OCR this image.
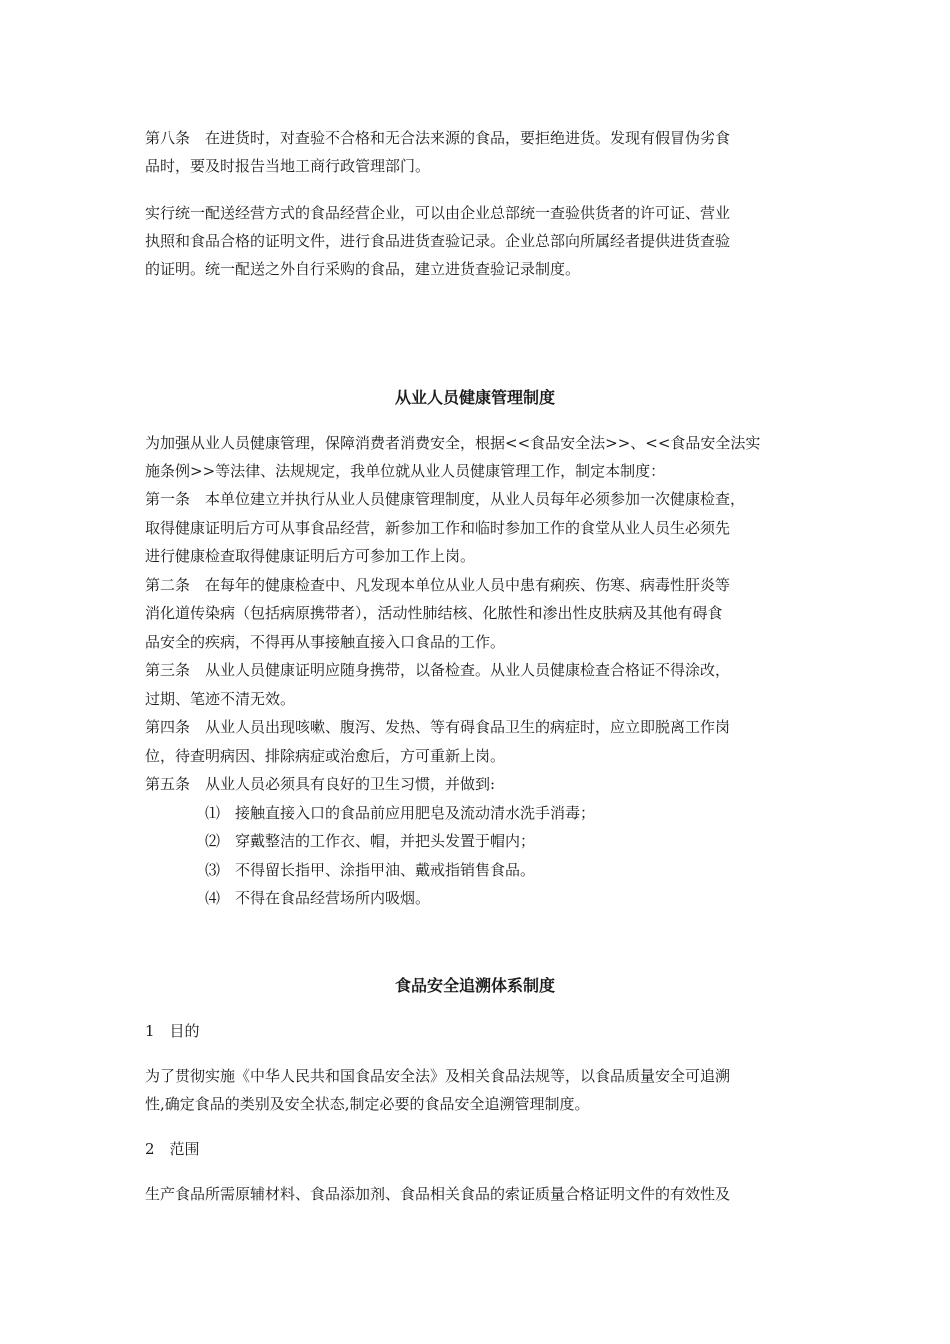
第八条　在进货时，对查验不合格和无合法来源的食品，要拒绝进货。发现有假冒伪劣食
品时，要及时报告当地工商行政管理部门。
实行统一配送经营方式的食品经营企业，可以由企业总部统一查验供货者的许可证、营业
执照和食品合格的证明文件，进行食品进货查验记录。企业总部向所属经者提供进货查验
的证明。统一配送之外自行采购的食品，建立进货查验记录制度。
从业人员健康管理制度
为加强从业人员健康管理，保障消费者消费安全，根据<<食品安全法>>、<<食品安全法实
施条例>>等法律、法规规定，我单位就从业人员健康管理工作，制定本制度：
第一条　本单位建立并执行从业人员健康管理制度，从业人员每年必须参加一次健康检查，
取得健康证明后方可从事食品经营，新参加工作和临时参加工作的食堂从业人员生必须先
进行健康检查取得健康证明后方可参加工作上岗。
第二条　在每年的健康检查中、凡发现本单位从业人员中患有痢疾、伤寒、病毒性肝炎等
消化道传染病（包括病原携带者），活动性肺结核、化脓性和渗出性皮肤病及其他有碍食
品安全的疾病，不得再从事接触直接入口食品的工作。
第三条　从业人员健康证明应随身携带，以备检查。从业人员健康检查合格证不得涂改，
过期、笔迹不清无效。
第四条　从业人员出现咳嗽、腹泻、发热、等有碍食品卫生的病症时，应立即脱离工作岗
位，待查明病因、排除病症或治愈后，方可重新上岗。
第五条　从业人员必须具有良好的卫生习惯，并做到:
⑴　接触直接入口的食品前应用肥皂及流动清水洗手消毒；
⑵　穿戴整洁的工作衣、帽，并把头发置于帽内；
⑶　不得留长指甲、涂指甲油、戴戒指销售食品。
⑷　不得在食品经营场所内吸烟。
食品安全追溯体系制度
1　目的
为了贯彻实施《中华人民共和国食品安全法》及相关食品法规等，以食品质量安全可追溯
性,确定食品的类别及安全状态,制定必要的食品安全追溯管理制度。
2　范围
生产食品所需原辅材料、食品添加剂、食品相关食品的索证质量合格证明文件的有效性及
